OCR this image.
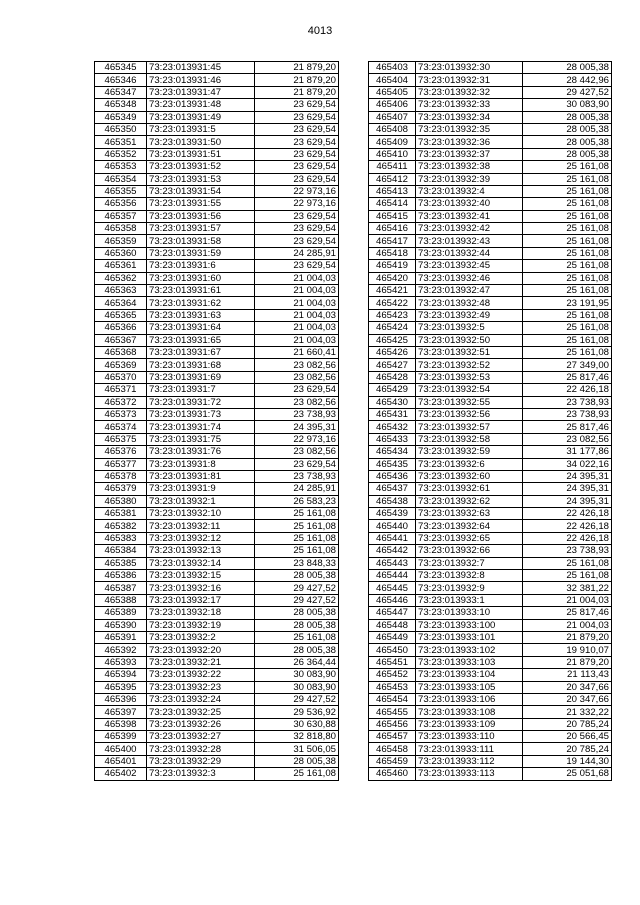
4013
465345	73:23:013931:45	21 879,20
465346	73:23:013931:46	21 879,20
465347	73:23:013931:47	21 879,20
465348	73:23:013931:48	23 629,54
465349	73:23:013931:49	23 629,54
465350	73:23:013931:5	23 629,54
465351	73:23:013931:50	23 629,54
465352	73:23:013931:51	23 629,54
465353	73:23:013931:52	23 629,54
465354	73:23:013931:53	23 629,54
465355	73:23:013931:54	22 973,16
465356	73:23:013931:55	22 973,16
465357	73:23:013931:56	23 629,54
465358	73:23:013931:57	23 629,54
465359	73:23:013931:58	23 629,54
465360	73:23:013931:59	24 285,91
465361	73:23:013931:6	23 629,54
465362	73:23:013931:60	21 004,03
465363	73:23:013931:61	21 004,03
465364	73:23:013931:62	21 004,03
465365	73:23:013931:63	21 004,03
465366	73:23:013931:64	21 004,03
465367	73:23:013931:65	21 004,03
465368	73:23:013931:67	21 660,41
465369	73:23:013931:68	23 082,56
465370	73:23:013931:69	23 082,56
465371	73:23:013931:7	23 629,54
465372	73:23:013931:72	23 082,56
465373	73:23:013931:73	23 738,93
465374	73:23:013931:74	24 395,31
465375	73:23:013931:75	22 973,16
465376	73:23:013931:76	23 082,56
465377	73:23:013931:8	23 629,54
465378	73:23:013931:81	23 738,93
465379	73:23:013931:9	24 285,91
465380	73:23:013932:1	26 583,23
465381	73:23:013932:10	25 161,08
465382	73:23:013932:11	25 161,08
465383	73:23:013932:12	25 161,08
465384	73:23:013932:13	25 161,08
465385	73:23:013932:14	23 848,33
465386	73:23:013932:15	28 005,38
465387	73:23:013932:16	29 427,52
465388	73:23:013932:17	29 427,52
465389	73:23:013932:18	28 005,38
465390	73:23:013932:19	28 005,38
465391	73:23:013932:2	25 161,08
465392	73:23:013932:20	28 005,38
465393	73:23:013932:21	26 364,44
465394	73:23:013932:22	30 083,90
465395	73:23:013932:23	30 083,90
465396	73:23:013932:24	29 427,52
465397	73:23:013932:25	29 536,92
465398	73:23:013932:26	30 630,88
465399	73:23:013932:27	32 818,80
465400	73:23:013932:28	31 506,05
465401	73:23:013932:29	28 005,38
465402	73:23:013932:3	25 161,08
465403	73:23:013932:30	28 005,38
465404	73:23:013932:31	28 442,96
465405	73:23:013932:32	29 427,52
465406	73:23:013932:33	30 083,90
465407	73:23:013932:34	28 005,38
465408	73:23:013932:35	28 005,38
465409	73:23:013932:36	28 005,38
465410	73:23:013932:37	28 005,38
465411	73:23:013932:38	25 161,08
465412	73:23:013932:39	25 161,08
465413	73:23:013932:4	25 161,08
465414	73:23:013932:40	25 161,08
465415	73:23:013932:41	25 161,08
465416	73:23:013932:42	25 161,08
465417	73:23:013932:43	25 161,08
465418	73:23:013932:44	25 161,08
465419	73:23:013932:45	25 161,08
465420	73:23:013932:46	25 161,08
465421	73:23:013932:47	25 161,08
465422	73:23:013932:48	23 191,95
465423	73:23:013932:49	25 161,08
465424	73:23:013932:5	25 161,08
465425	73:23:013932:50	25 161,08
465426	73:23:013932:51	25 161,08
465427	73:23:013932:52	27 349,00
465428	73:23:013932:53	25 817,46
465429	73:23:013932:54	22 426,18
465430	73:23:013932:55	23 738,93
465431	73:23:013932:56	23 738,93
465432	73:23:013932:57	25 817,46
465433	73:23:013932:58	23 082,56
465434	73:23:013932:59	31 177,86
465435	73:23:013932:6	34 022,16
465436	73:23:013932:60	24 395,31
465437	73:23:013932:61	24 395,31
465438	73:23:013932:62	24 395,31
465439	73:23:013932:63	22 426,18
465440	73:23:013932:64	22 426,18
465441	73:23:013932:65	22 426,18
465442	73:23:013932:66	23 738,93
465443	73:23:013932:7	25 161,08
465444	73:23:013932:8	25 161,08
465445	73:23:013932:9	32 381,22
465446	73:23:013933:1	21 004,03
465447	73:23:013933:10	25 817,46
465448	73:23:013933:100	21 004,03
465449	73:23:013933:101	21 879,20
465450	73:23:013933:102	19 910,07
465451	73:23:013933:103	21 879,20
465452	73:23:013933:104	21 113,43
465453	73:23:013933:105	20 347,66
465454	73:23:013933:106	20 347,66
465455	73:23:013933:108	21 332,22
465456	73:23:013933:109	20 785,24
465457	73:23:013933:110	20 566,45
465458	73:23:013933:111	20 785,24
465459	73:23:013933:112	19 144,30
465460	73:23:013933:113	25 051,68
